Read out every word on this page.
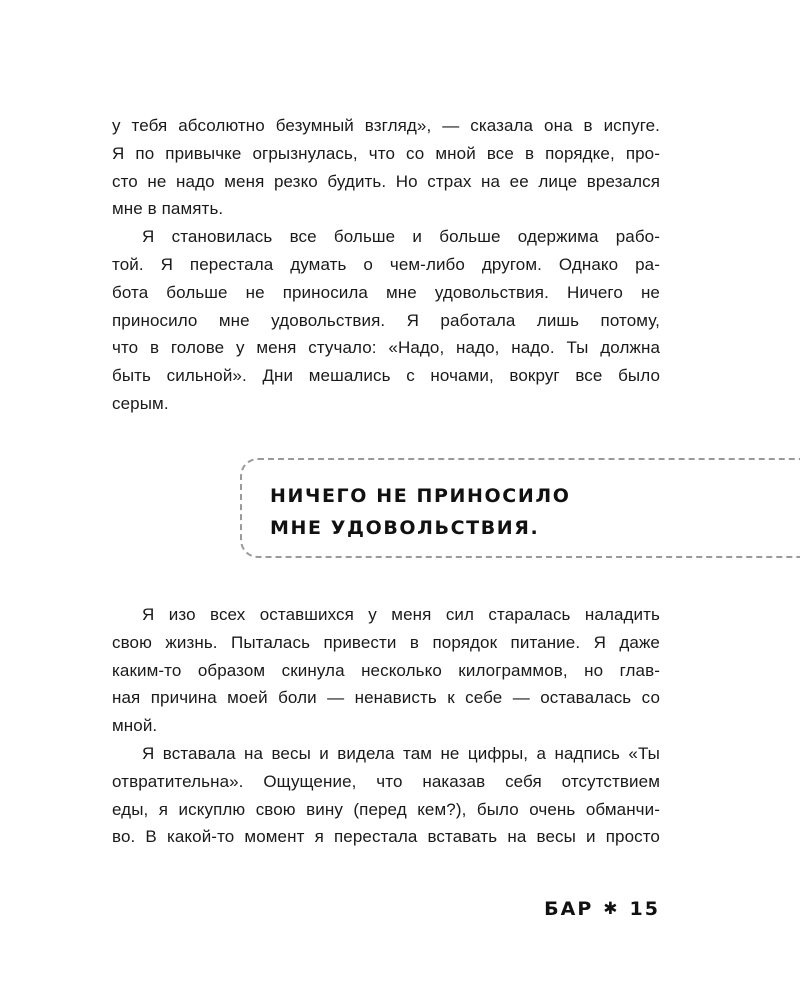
у тебя абсолютно безумный взгляд», — сказала она в испуге.
Я по привычке огрызнулась, что со мной все в порядке, про-
сто не надо меня резко будить. Но страх на ее лице врезался
мне в память.
Я становилась все больше и больше одержима рабо-
той. Я перестала думать о чем-либо другом. Однако ра-
бота больше не приносила мне удовольствия. Ничего не
приносило мне удовольствия. Я работала лишь потому,
что в голове у меня стучало: «Надо, надо, надо. Ты должна
быть сильной». Дни мешались с ночами, вокруг все было
серым.
НИЧЕГО НЕ ПРИНОСИЛО
МНЕ УДОВОЛЬСТВИЯ.
Я изо всех оставшихся у меня сил старалась наладить
свою жизнь. Пыталась привести в порядок питание. Я даже
каким-то образом скинула несколько килограммов, но глав-
ная причина моей боли — ненависть к себе — оставалась со
мной.
Я вставала на весы и видела там не цифры, а надпись «Ты
отвратительна». Ощущение, что наказав себя отсутствием
еды, я искуплю свою вину (перед кем?), было очень обманчи-
во. В какой-то момент я перестала вставать на весы и просто
БАР ✱ 15
